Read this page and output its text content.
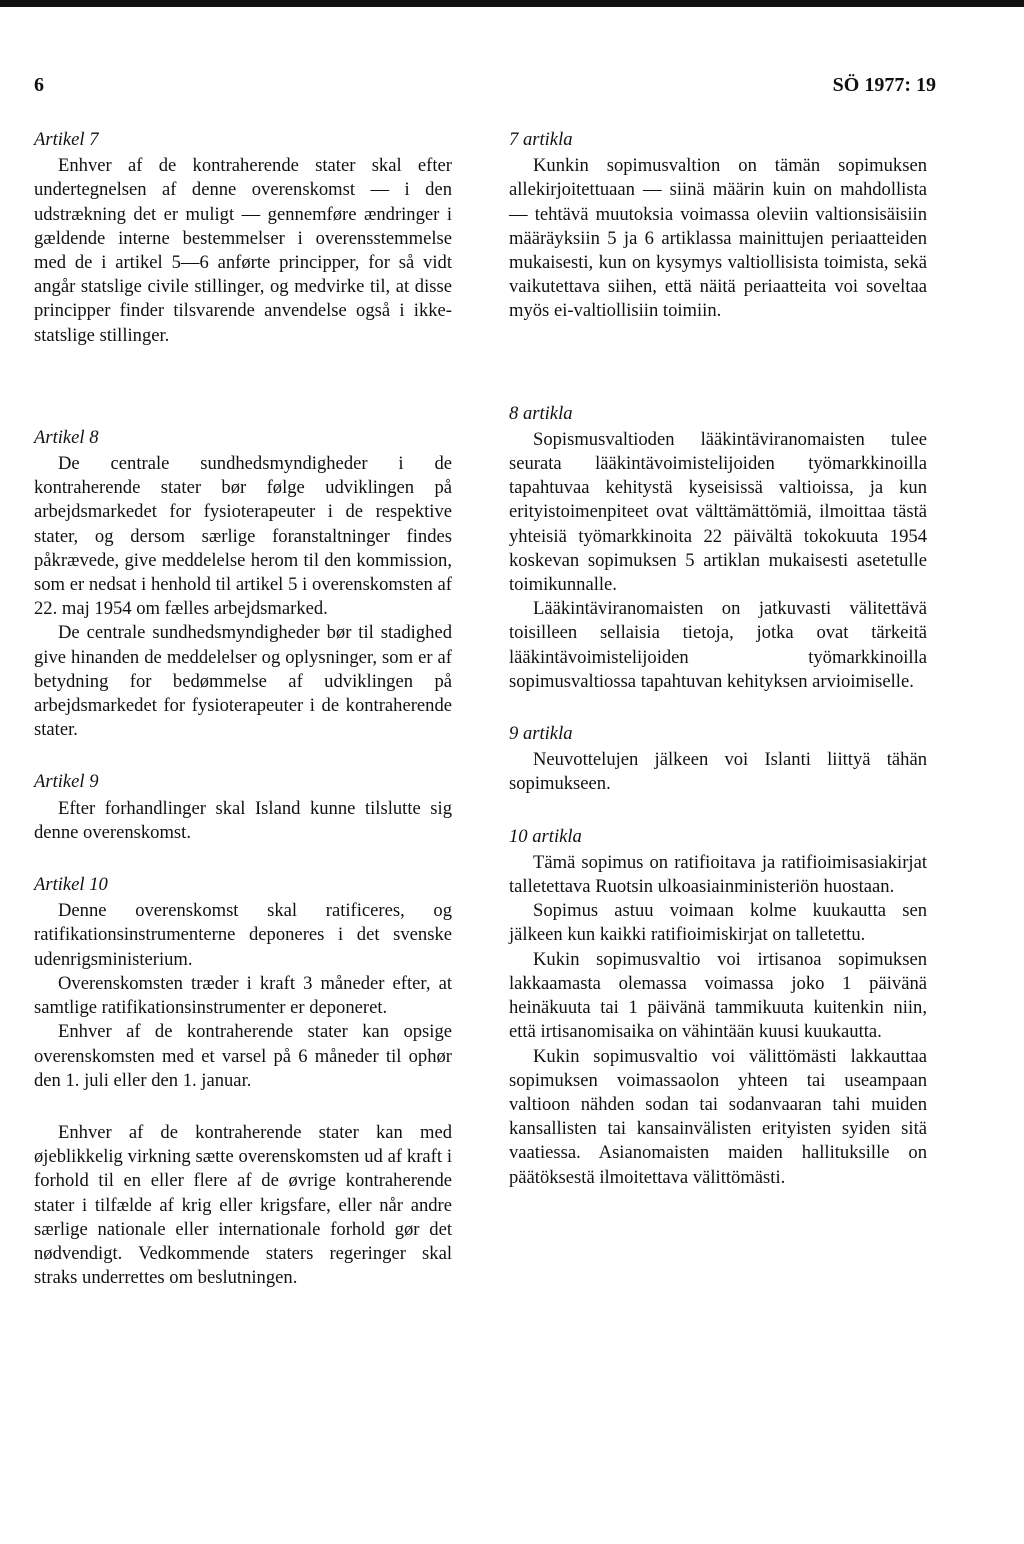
6	SÖ 1977: 19
Artikel 7

Enhver af de kontraherende stater skal efter undertegnelsen af denne overenskomst — i den udstrækning det er muligt — gennemføre ændringer i gældende interne bestemmelser i overensstemmelse med de i artikel 5—6 anførte principper, for så vidt angår statslige civile stillinger, og medvirke til, at disse principper finder tilsvarende anvendelse også i ikke-statslige stillinger.

Artikel 8

De centrale sundhedsmyndigheder i de kontraherende stater bør følge udviklingen på arbejdsmarkedet for fysioterapeuter i de respektive stater, og dersom særlige foranstaltninger findes påkrævede, give meddelelse herom til den kommission, som er nedsat i henhold til artikel 5 i overenskomsten af 22. maj 1954 om fælles arbejdsmarked.

De centrale sundhedsmyndigheder bør til stadighed give hinanden de meddelelser og oplysninger, som er af betydning for bedømmelse af udviklingen på arbejdsmarkedet for fysioterapeuter i de kontraherende stater.

Artikel 9

Efter forhandlinger skal Island kunne tilslutte sig denne overenskomst.

Artikel 10

Denne overenskomst skal ratificeres, og ratifikationsinstrumenterne deponeres i det svenske udenrigsministerium.

Overenskomsten træder i kraft 3 måneder efter, at samtlige ratifikationsinstrumenter er deponeret.

Enhver af de kontraherende stater kan opsige overenskomsten med et varsel på 6 måneder til ophør den 1. juli eller den 1. januar.

Enhver af de kontraherende stater kan med øjeblikkelig virkning sætte overenskomsten ud af kraft i forhold til en eller flere af de øvrige kontraherende stater i tilfælde af krig eller krigsfare, eller når andre særlige nationale eller internationale forhold gør det nødvendigt. Vedkommende staters regeringer skal straks underrettes om beslutningen.

7 artikla

Kunkin sopimusvaltion on tämän sopimuksen allekirjoitettuaan — siinä määrin kuin on mahdollista — tehtävä muutoksia voimassa oleviin valtionsisäisiin määräyksiin 5 ja 6 artiklassa mainittujen periaatteiden mukaisesti, kun on kysymys valtiollisista toimista, sekä vaikutettava siihen, että näitä periaatteita voi soveltaa myös ei-valtiollisiin toimiin.

8 artikla

Sopismusvaltioden lääkintäviranomaisten tulee seurata lääkintävoimistelijoiden työmarkkinoilla tapahtuvaa kehitystä kyseisissä valtioissa, ja kun erityistoimenpiteet ovat välttämättömiä, ilmoittaa tästä yhteisiä työmarkkinoita 22 päivältä tokokuuta 1954 koskevan sopimuksen 5 artiklan mukaisesti asetetulle toimikunnalle.

Lääkintäviranomaisten on jatkuvasti välitettävä toisilleen sellaisia tietoja, jotka ovat tärkeitä lääkintävoimistelijoiden työmarkkinoilla sopimusvaltiossa tapahtuvan kehityksen arvioimiselle.

9 artikla

Neuvottelujen jälkeen voi Islanti liittyä tähän sopimukseen.

10 artikla

Tämä sopimus on ratifioitava ja ratifioimisasiakirjat talletettava Ruotsin ulkoasiainministeriön huostaan.

Sopimus astuu voimaan kolme kuukautta sen jälkeen kun kaikki ratifioimiskirjat on talletettu.

Kukin sopimusvaltio voi irtisanoa sopimuksen lakkaamasta olemassa voimassa joko 1 päivänä heinäkuuta tai 1 päivänä tammikuuta kuitenkin niin, että irtisanomisaika on vähintään kuusi kuukautta.

Kukin sopimusvaltio voi välittömästi lakkauttaa sopimuksen voimassaolon yhteen tai useampaan valtioon nähden sodan tai sodanvaaran tahi muiden kansallisten tai kansainvälisten erityisten syiden sitä vaatiessa. Asianomaisten maiden hallituksille on päätöksestä ilmoitettava välittömästi.
